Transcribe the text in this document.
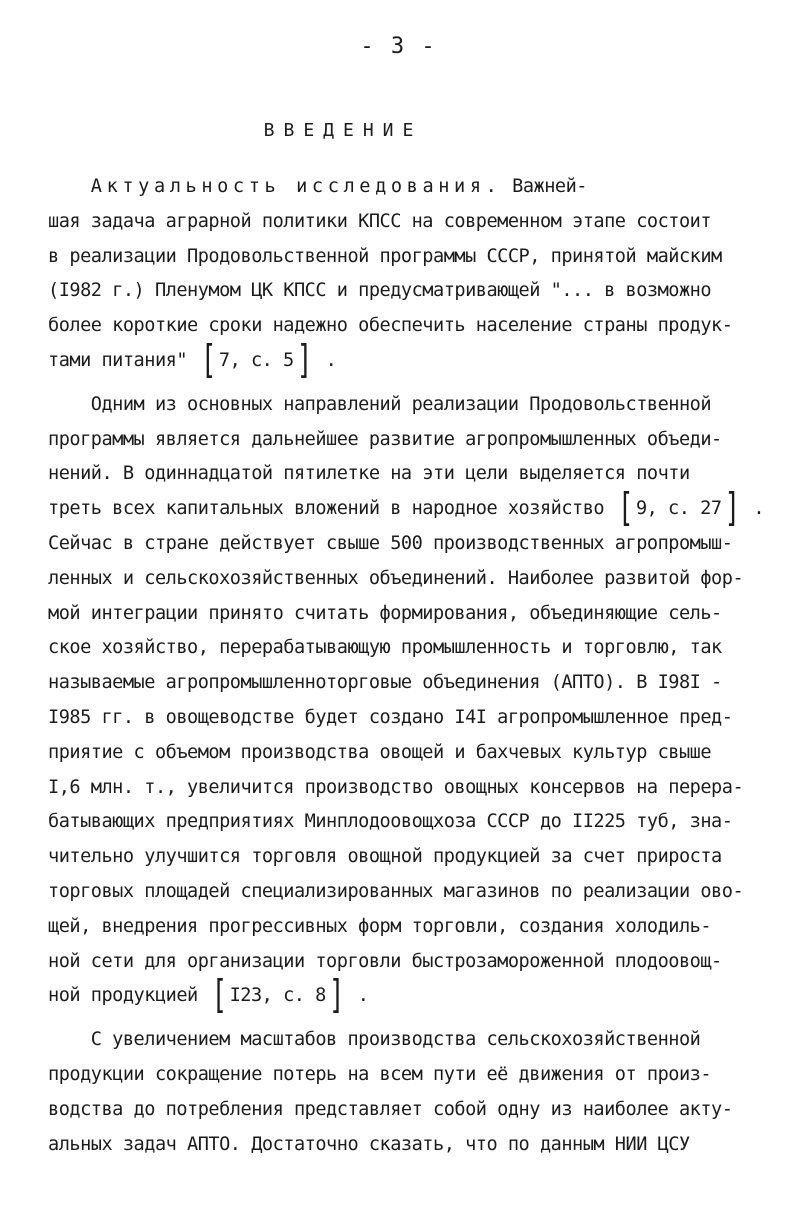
- 3 -
ВВЕДЕНИЕ
Актуальность исследования. Важней-
шая задача аграрной политики КПСС на современном этапе состоит
в реализации Продовольственной программы СССР, принятой майским
(I982 г.) Пленумом ЦК КПСС и предусматривающей "... в возможно
более короткие сроки надежно обеспечить население страны продук-
тами питания" [ 7, с. 5 ] .
Одним из основных направлений реализации Продовольственной
программы является дальнейшее развитие агропромышленных объеди-
нений. В одиннадцатой пятилетке на эти цели выделяется почти
треть всех капитальных вложений в народное хозяйство [ 9, с. 27 ] .
Сейчас в стране действует свыше 500 производственных агропромыш-
ленных и сельскохозяйственных объединений. Наиболее развитой фор-
мой интеграции принято считать формирования, объединяющие сель-
ское хозяйство, перерабатывающую промышленность и торговлю, так
называемые агропромышленноторговые объединения (АПТО). В I98I -
I985 гг. в овощеводстве будет создано I4I агропромышленное пред-
приятие с объемом производства овощей и бахчевых культур свыше
I,6 млн. т., увеличится производство овощных консервов на перера-
батывающих предприятиях Минплодоовощхоза СССР до II225 туб, зна-
чительно улучшится торговля овощной продукцией за счет прироста
торговых площадей специализированных магазинов по реализации ово-
щей, внедрения прогрессивных форм торговли, создания холодиль-
ной сети для организации торговли быстрозамороженной плодоовощ-
ной продукцией [ I23, с. 8 ] .
С увеличением масштабов производства сельскохозяйственной
продукции сокращение потерь на всем пути её движения от произ-
водства до потребления представляет собой одну из наиболее акту-
альных задач АПТО. Достаточно сказать, что по данным НИИ ЦСУ
